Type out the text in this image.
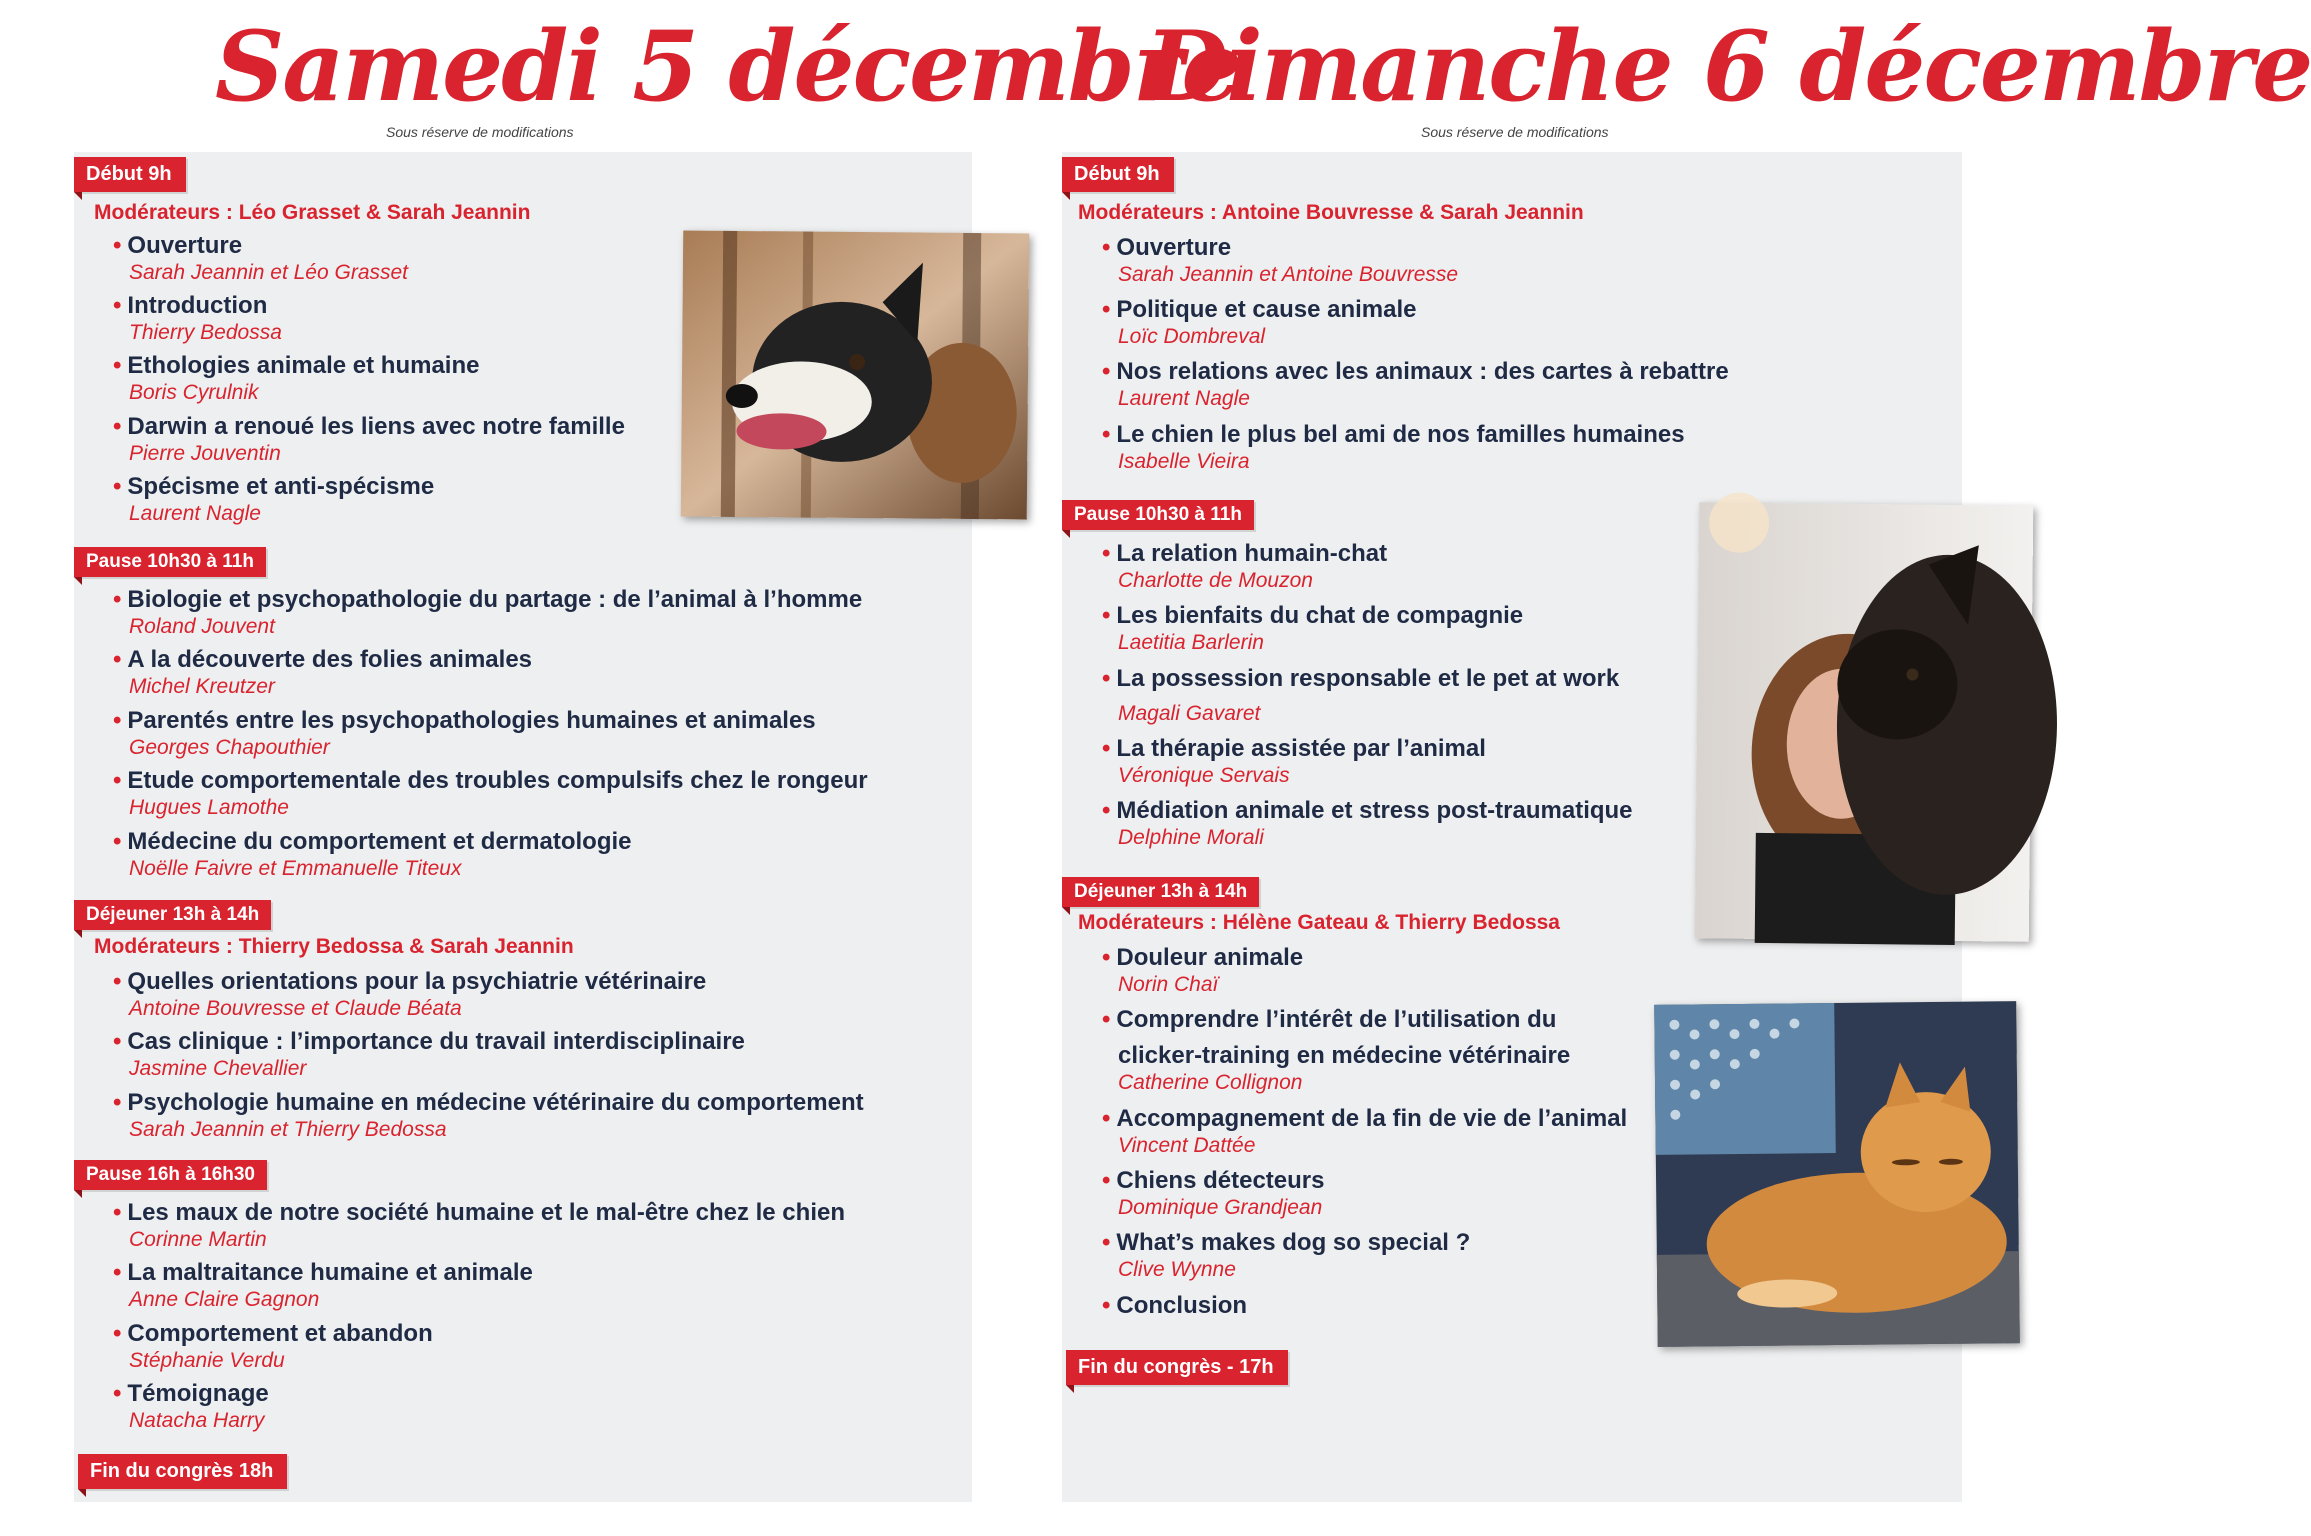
Samedi 5 décembre
Sous réserve de modifications
Début 9h
Modérateurs : Léo Grasset & Sarah Jeannin
• Ouverture
Sarah Jeannin et Léo Grasset
• Introduction
Thierry Bedossa
• Ethologies animale et humaine
Boris Cyrulnik
• Darwin a renoué les liens avec notre famille
Pierre Jouventin
• Spécisme et anti-spécisme
Laurent Nagle
Pause 10h30 à 11h
• Biologie et psychopathologie du partage : de l’animal à l’homme
Roland Jouvent
• A la découverte des folies animales
Michel Kreutzer
• Parentés entre les psychopathologies humaines et animales
Georges Chapouthier
• Etude comportementale des troubles compulsifs chez le rongeur
Hugues Lamothe
• Médecine du comportement et dermatologie
Noëlle Faivre et Emmanuelle Titeux
Déjeuner 13h à 14h
Modérateurs : Thierry Bedossa & Sarah Jeannin
• Quelles orientations pour la psychiatrie vétérinaire
Antoine Bouvresse et Claude Béata
• Cas clinique : l’importance du travail interdisciplinaire
Jasmine Chevallier
• Psychologie humaine en médecine vétérinaire du comportement
Sarah Jeannin et Thierry Bedossa
Pause 16h à 16h30
• Les maux de notre société humaine et le mal-être chez le chien
Corinne Martin
• La maltraitance humaine et animale
Anne Claire Gagnon
• Comportement et abandon
Stéphanie Verdu
• Témoignage
Natacha Harry
Fin du congrès 18h
Dimanche 6 décembre
Sous réserve de modifications
Début 9h
Modérateurs : Antoine Bouvresse & Sarah Jeannin
• Ouverture
Sarah Jeannin et Antoine Bouvresse
• Politique et cause animale
Loïc Dombreval
• Nos relations avec les animaux : des cartes à rebattre
Laurent Nagle
• Le chien le plus bel ami de nos familles humaines
Isabelle Vieira
Pause 10h30 à 11h
• La relation humain-chat
Charlotte de Mouzon
• Les bienfaits du chat de compagnie
Laetitia Barlerin
• La possession responsable et le pet at work
Magali Gavaret
• La thérapie assistée par l’animal
Véronique Servais
• Médiation animale et stress post-traumatique
Delphine Morali
Déjeuner 13h à 14h
Modérateurs : Hélène Gateau & Thierry Bedossa
• Douleur animale
Norin Chaï
• Comprendre l’intérêt de l’utilisation du
clicker-training en médecine vétérinaire
Catherine Collignon
• Accompagnement de la fin de vie de l’animal
Vincent Dattée
• Chiens détecteurs
Dominique Grandjean
• What’s makes dog so special ?
Clive Wynne
• Conclusion
Fin du congrès - 17h
